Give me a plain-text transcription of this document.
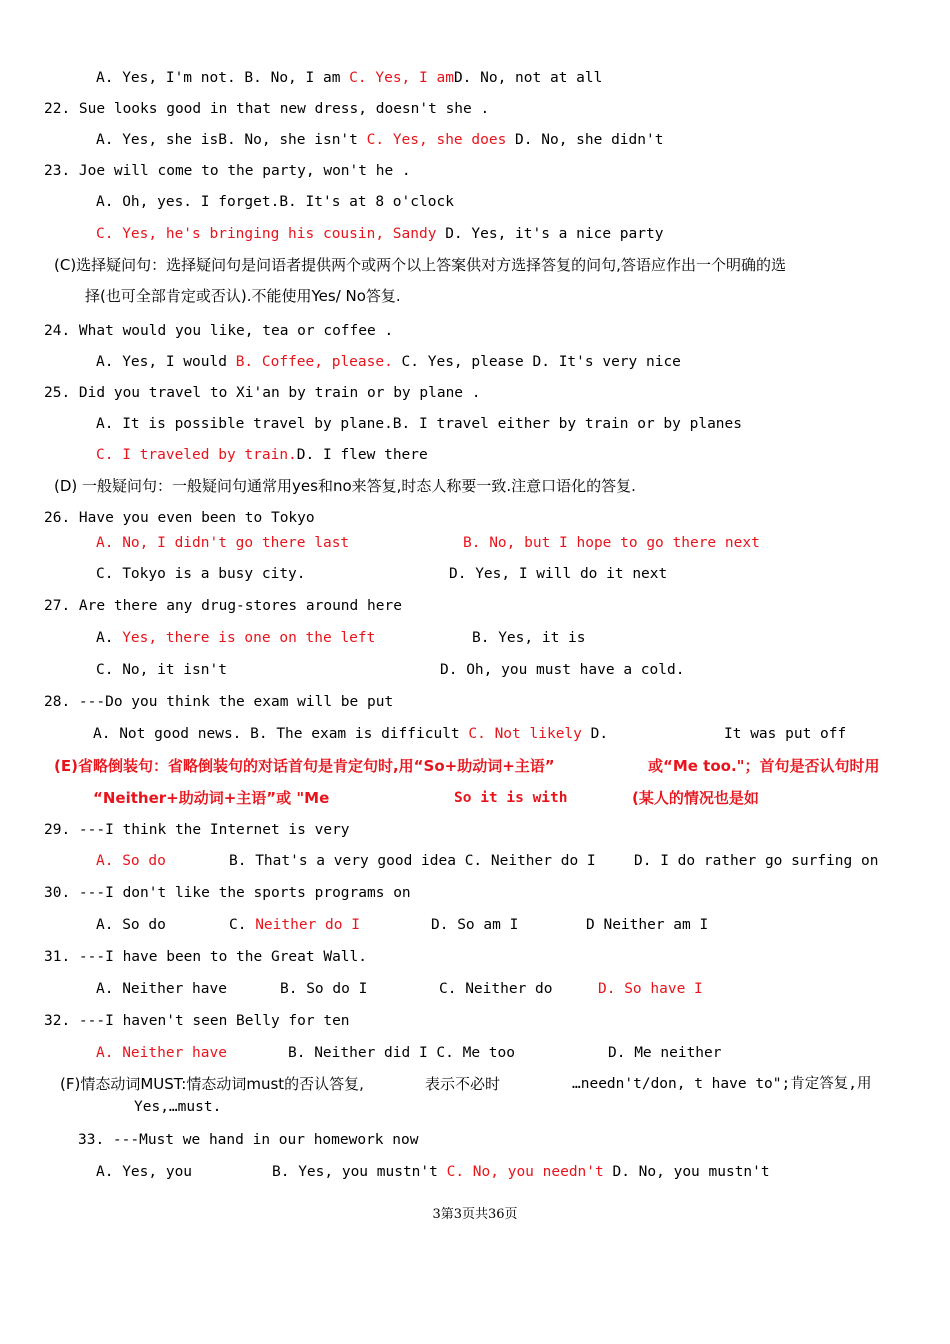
A. Yes, I'm not. B. No, I am C. Yes, I amD. No, not at all
22. Sue looks good in that new dress, doesn't she .
A. Yes, she isB. No, she isn't C. Yes, she does D. No, she didn't
23. Joe will come to the party, won't he .
A. Oh, yes. I forget.B. It's at 8 o'clock
C. Yes, he's bringing his cousin, Sandy D. Yes, it's a nice party
(C)选择疑问句：选择疑问句是问语者提供两个或两个以上答案供对方选择答复的问句,答语应作出一个明确的选
择(也可全部肯定或否认).不能使用Yes/ No答复.
24. What would you like, tea or coffee .
A. Yes, I would B. Coffee, please. C. Yes, please D. It's very nice
25. Did you travel to Xi'an by train or by plane .
A. It is possible travel by plane.B. I travel either by train or by planes
C. I traveled by train.D. I flew there
(D) 一般疑问句：一般疑问句通常用yes和no来答复,时态人称要一致.注意口语化的答复.
26. Have you even been to Tokyo
A. No, I didn't go there last	B. No, but I hope to go there next
C. Tokyo is a busy city.	D. Yes, I will do it next
27. Are there any drug-stores around here
A. Yes, there is one on the left	B. Yes, it is
C. No, it isn't	D. Oh, you must have a cold.
28. ---Do you think the exam will be put
A. Not good news. B. The exam is difficult C. Not likely D.	It was put off
(E)省略倒装句：省略倒装句的对话首句是肯定句时,用“So+助动词+主语”	或“Me too."；首句是否认句时用
“Neither+助动词+主语”或 "Me	So it is with	(某人的情况也是如
29. ---I think the Internet is very
A. So do	B. That's a very good idea C. Neither do I	D. I do rather go surfing on
30. ---I don't like the sports programs on
A. So do	C. Neither do I	D. So am I	D Neither am I
31. ---I have been to the Great Wall.
A. Neither have	B. So do I	C. Neither do	D. So have I
32. ---I haven't seen Belly for ten
A. Neither have	B. Neither did I C. Me too	D. Me neither
(F)情态动词MUST:情态动词must的否认答复,	表示不必时	…needn't/don, t have to";肯定答复,用
Yes,…must.
33. ---Must we hand in our homework now
A. Yes, you	B. Yes, you mustn't C. No, you needn't D. No, you mustn't
3第3页共36页
